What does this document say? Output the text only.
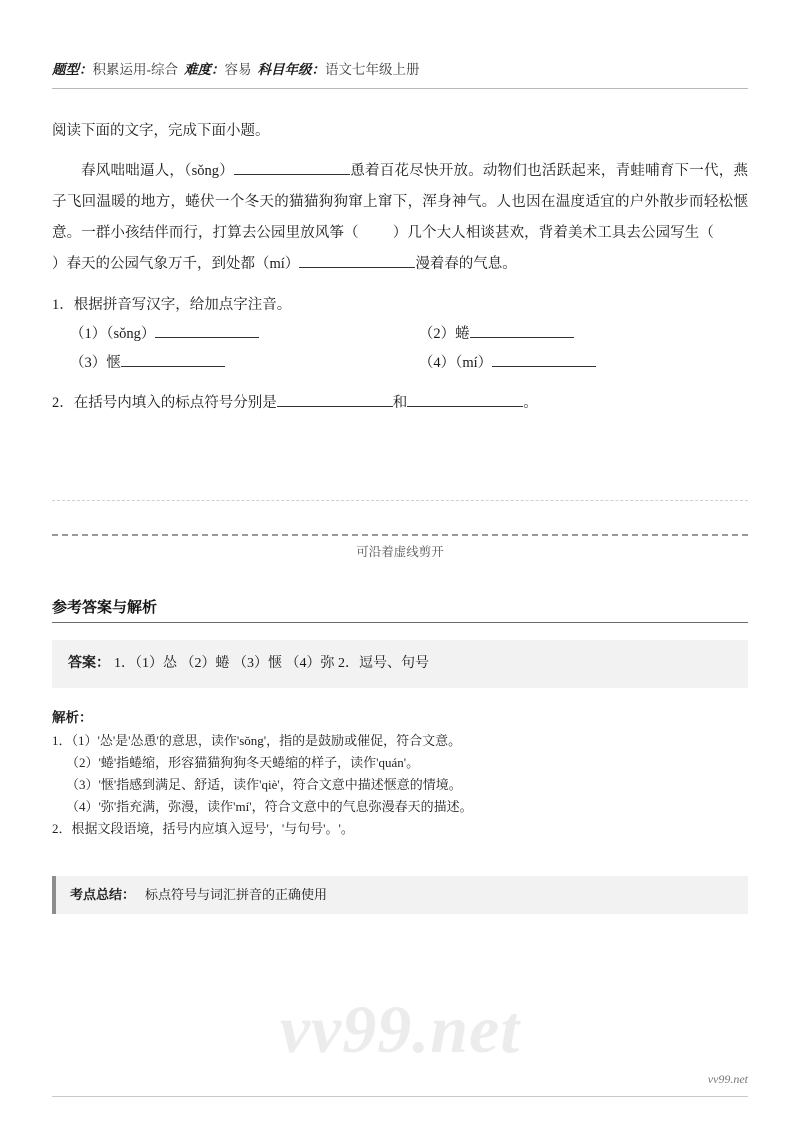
题型：积累运用-综合 难度：容易 科目年级：语文七年级上册

阅读下面的文字，完成下面小题。

春风咄咄逼人，（sǒng）	恿着百花尽快开放。动物们也活跃起来，青蛙哺育下一代，燕子飞回温暖的地方，蜷伏一个冬天的猫猫狗狗窜上窜下，浑身神气。人也因在温度适宜的户外散步而轻松惬意。一群小孩结伴而行，打算去公园里放风筝（ ）几个大人相谈甚欢，背着美术工具去公园写生（）春天的公园气象万千，到处都（mí）	漫着春的气息。

1．根据拼音写汉字，给加点字注音。

（1）（sǒng）	（2）蜷
（3）惬	（4）（mí）

2．在括号内填入的标点符号分别是	和	。

可沿着虚线剪开
参考答案与解析
答案： 1．（1）怂 （2）蜷 （3）惬 （4）弥 2．逗号、句号
解析：
1．（1）'怂'是'怂恿'的意思，读作'sǒng'，指的是鼓励或催促，符合文意。
（2）'蜷'指蜷缩，形容猫猫狗狗冬天蜷缩的样子，读作'quán'。
（3）'惬'指感到满足、舒适，读作'qiè'，符合文意中描述惬意的情境。
（4）'弥'指充满，弥漫，读作'mí'，符合文意中的气息弥漫春天的描述。
2．根据文段语境，括号内应填入逗号'，'与句号'。'。
考点总结： 标点符号与词汇拼音的正确使用
vv99.net
vv99.net
